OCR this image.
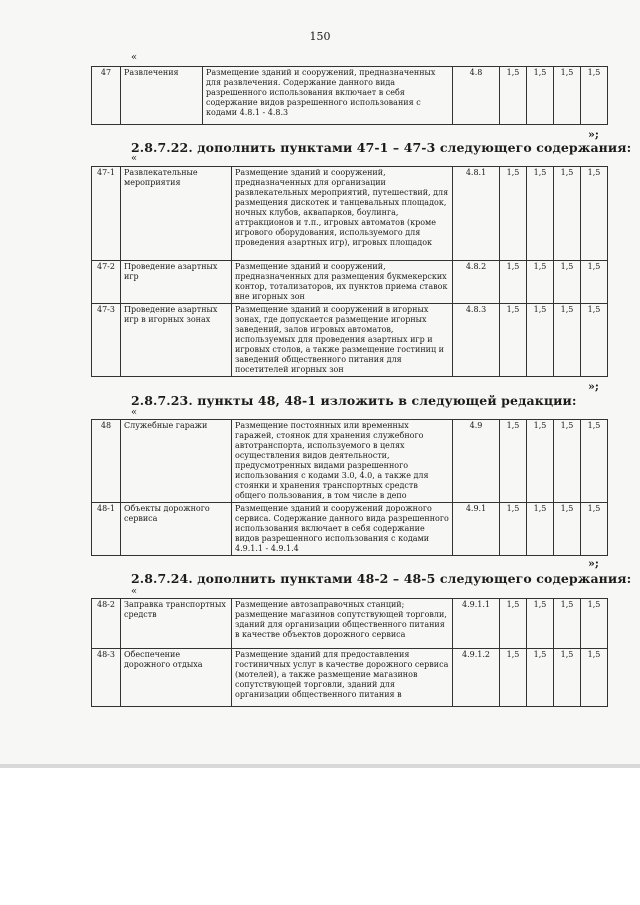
150
«
47	Развлечения	Размещение зданий и сооружений, предназначенных для развлечения. Содержание данного вида разрешенного использования включает в себя содержание видов разрешенного использования с кодами 4.8.1 - 4.8.3	4.8	1,5	1,5	1,5	1,5
»;
2.8.7.22. дополнить пунктами 47-1 – 47-3 следующего содержания:
«
47-1	Развлекательные мероприятия	Размещение зданий и сооружений, предназначенных для организации развлекательных мероприятий, путешествий, для размещения дискотек и танцевальных площадок, ночных клубов, аквапарков, боулинга, аттракционов и т.п., игровых автоматов (кроме игрового оборудования, используемого для проведения азартных игр), игровых площадок	4.8.1	1,5	1,5	1,5	1,5
47-2	Проведение азартных игр	Размещение зданий и сооружений, предназначенных для размещения букмекерских контор, тотализаторов, их пунктов приема ставок вне игорных зон	4.8.2	1,5	1,5	1,5	1,5
47-3	Проведение азартных игр в игорных зонах	Размещение зданий и сооружений в игорных зонах, где допускается размещение игорных заведений, залов игровых автоматов, используемых для проведения азартных игр и игровых столов, а также размещение гостиниц и заведений общественного питания для посетителей игорных зон	4.8.3	1,5	1,5	1,5	1,5
»;
2.8.7.23. пункты 48, 48-1 изложить в следующей редакции:
«
48	Служебные гаражи	Размещение постоянных или временных гаражей, стоянок для хранения служебного автотранспорта, используемого в целях осуществления видов деятельности, предусмотренных видами разрешенного использования с кодами 3.0, 4.0, а также для стоянки и хранения транспортных средств общего пользования, в том числе в депо	4.9	1,5	1,5	1,5	1,5
48-1	Объекты дорожного сервиса	Размещение зданий и сооружений дорожного сервиса. Содержание данного вида разрешенного использования включает в себя содержание видов разрешенного использования с кодами 4.9.1.1 - 4.9.1.4	4.9.1	1,5	1,5	1,5	1,5
»;
2.8.7.24. дополнить пунктами 48-2 – 48-5 следующего содержания:
«
48-2	Заправка транспортных средств	Размещение автозаправочных станций; размещение магазинов сопутствующей торговли, зданий для организации общественного питания в качестве объектов дорожного сервиса	4.9.1.1	1,5	1,5	1,5	1,5
48-3	Обеспечение дорожного отдыха	Размещение зданий для предоставления гостиничных услуг в качестве дорожного сервиса (мотелей), а также размещение магазинов сопутствующей торговли, зданий для организации общественного питания в	4.9.1.2	1,5	1,5	1,5	1,5
